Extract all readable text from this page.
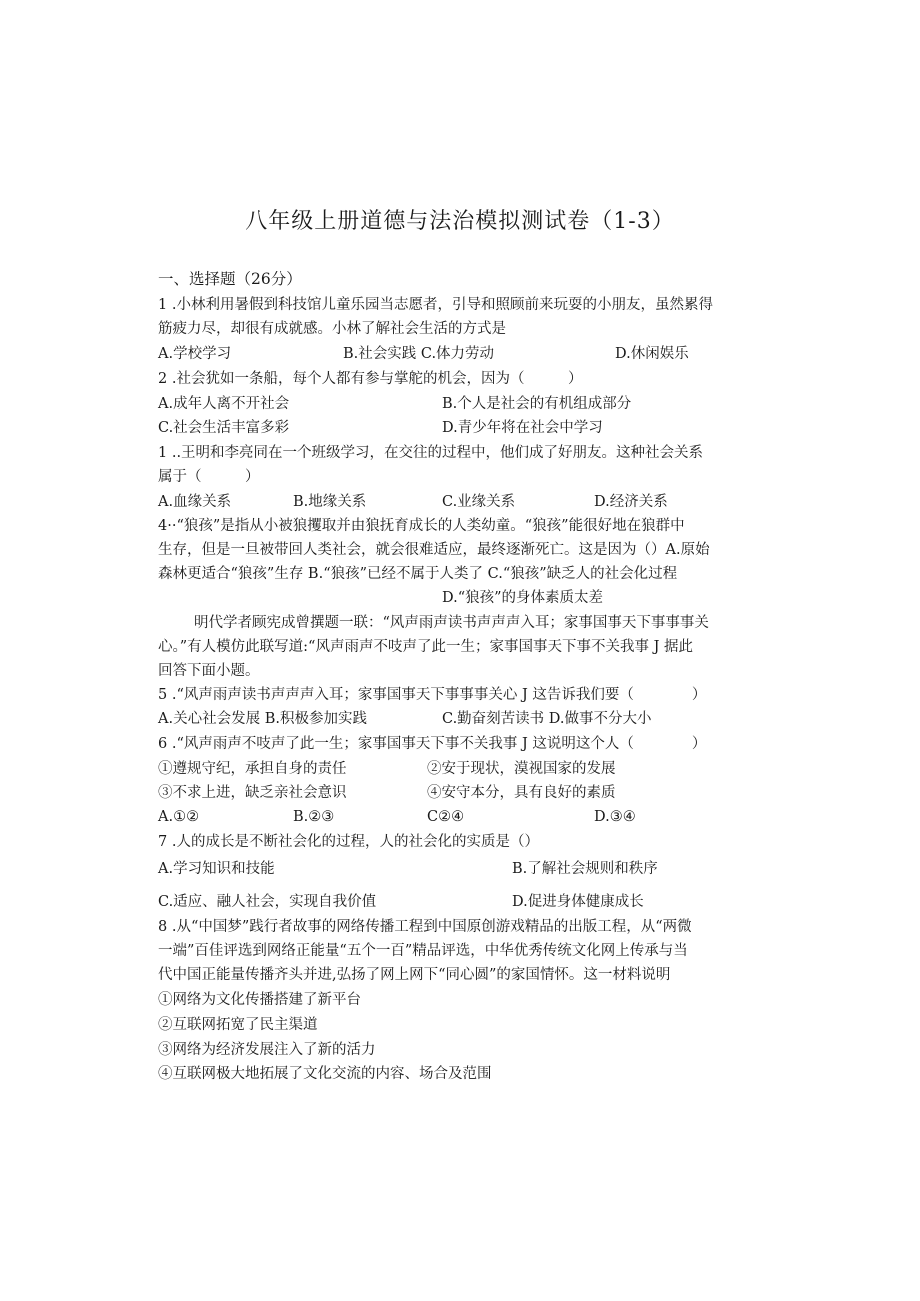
八年级上册道德与法治模拟测试卷（1-3）
一、选择题（26分）
1 .小林利用暑假到科技馆儿童乐园当志愿者，引导和照顾前来玩耍的小朋友，虽然累得
筋疲力尽，却很有成就感。小林了解社会生活的方式是
A.学校学习	B.社会实践 C.体力劳动	D.休闲娱乐
2 .社会犹如一条船，每个人都有参与掌舵的机会，因为（　　　）
A.成年人离不开社会	B.个人是社会的有机组成部分
C.社会生活丰富多彩	D.青少年将在社会中学习
1 ..王明和李亮同在一个班级学习，在交往的过程中，他们成了好朋友。这种社会关系
属于（　　　）
A.血缘关系	B.地缘关系	C.业缘关系	D.经济关系
4··“狼孩”是指从小被狼攫取并由狼抚育成长的人类幼童。“狼孩”能很好地在狼群中
生存，但是一旦被带回人类社会，就会很难适应，最终逐渐死亡。这是因为（）A.原始
森林更适合“狼孩”生存 B.“狼孩”已经不属于人类了 C.“狼孩”缺乏人的社会化过程
D.“狼孩”的身体素质太差
明代学者顾宪成曾撰题一联：“风声雨声读书声声声入耳；家事国事天下事事事关
心。”有人模仿此联写道:“风声雨声不吱声了此一生；家事国事天下事不关我事 J 据此
回答下面小题。
5 .“风声雨声读书声声声入耳；家事国事天下事事事关心 J 这告诉我们要（　　　　）
A.关心社会发展 B.积极参加实践	C.勤奋刻苦读书 D.做事不分大小
6 .“风声雨声不吱声了此一生；家事国事天下事不关我事 J 这说明这个人（　　　　）
①遵规守纪，承担自身的责任	②安于现状，漠视国家的发展
③不求上进，缺乏亲社会意识	④安守本分，具有良好的素质
A.①②	B.②③	C②④	D.③④
7 .人的成长是不断社会化的过程，人的社会化的实质是（）
A.学习知识和技能	B.了解社会规则和秩序
C.适应、融人社会，实现自我价值	D.促进身体健康成长
8 .从“中国梦”践行者故事的网络传播工程到中国原创游戏精品的出版工程，从“两微
一端”百佳评选到网络正能量“五个一百”精品评选，中华优秀传统文化网上传承与当
代中国正能量传播齐头并进,弘扬了网上网下“同心圆”的家国情怀。这一材料说明
①网络为文化传播搭建了新平台
②互联网拓宽了民主渠道
③网络为经济发展注入了新的活力
④互联网极大地拓展了文化交流的内容、场合及范围
